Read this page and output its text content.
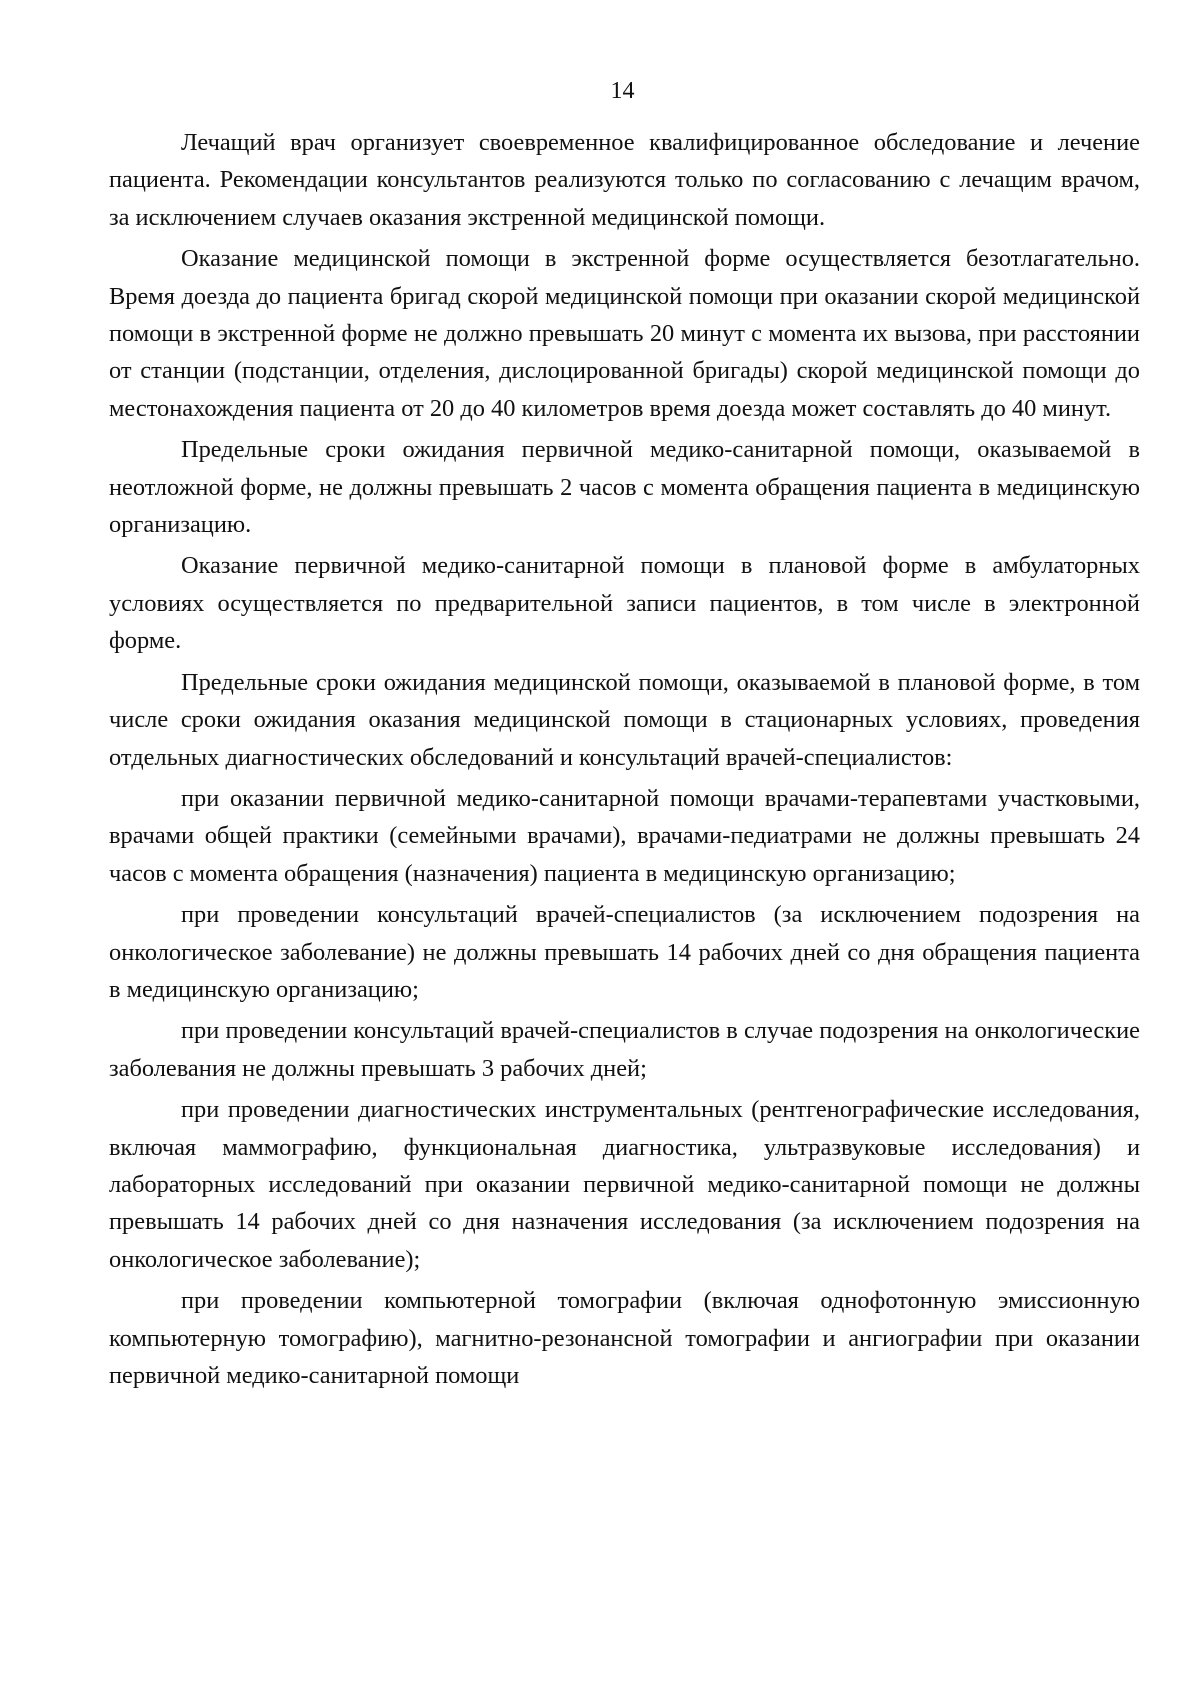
14

Лечащий врач организует своевременное квалифицированное обследование и лечение пациента. Рекомендации консультантов реализуются только по согласованию с лечащим врачом, за исключением случаев оказания экстренной медицинской помощи.

Оказание медицинской помощи в экстренной форме осуществляется безотлагательно. Время доезда до пациента бригад скорой медицинской помощи при оказании скорой медицинской помощи в экстренной форме не должно превышать 20 минут с момента их вызова, при расстоянии от станции (подстанции, отделения, дислоцированной бригады) скорой медицинской помощи до местонахождения пациента от 20 до 40 километров время доезда может составлять до 40 минут.

Предельные сроки ожидания первичной медико-санитарной помощи, оказываемой в неотложной форме, не должны превышать 2 часов с момента обращения пациента в медицинскую организацию.

Оказание первичной медико-санитарной помощи в плановой форме в амбулаторных условиях осуществляется по предварительной записи пациентов, в том числе в электронной форме.

Предельные сроки ожидания медицинской помощи, оказываемой в плановой форме, в том числе сроки ожидания оказания медицинской помощи в стационарных условиях, проведения отдельных диагностических обследований и консультаций врачей-специалистов:

при оказании первичной медико-санитарной помощи врачами-терапевтами участковыми, врачами общей практики (семейными врачами), врачами-педиатрами не должны превышать 24 часов с момента обращения (назначения) пациента в медицинскую организацию;

при проведении консультаций врачей-специалистов (за исключением подозрения на онкологическое заболевание) не должны превышать 14 рабочих дней со дня обращения пациента в медицинскую организацию;

при проведении консультаций врачей-специалистов в случае подозрения на онкологические заболевания не должны превышать 3 рабочих дней;

при проведении диагностических инструментальных (рентгенографические исследования, включая маммографию, функциональная диагностика, ультразвуковые исследования) и лабораторных исследований при оказании первичной медико-санитарной помощи не должны превышать 14 рабочих дней со дня назначения исследования (за исключением подозрения на онкологическое заболевание);

при проведении компьютерной томографии (включая однофотонную эмиссионную компьютерную томографию), магнитно-резонансной томографии и ангиографии при оказании первичной медико-санитарной помощи
